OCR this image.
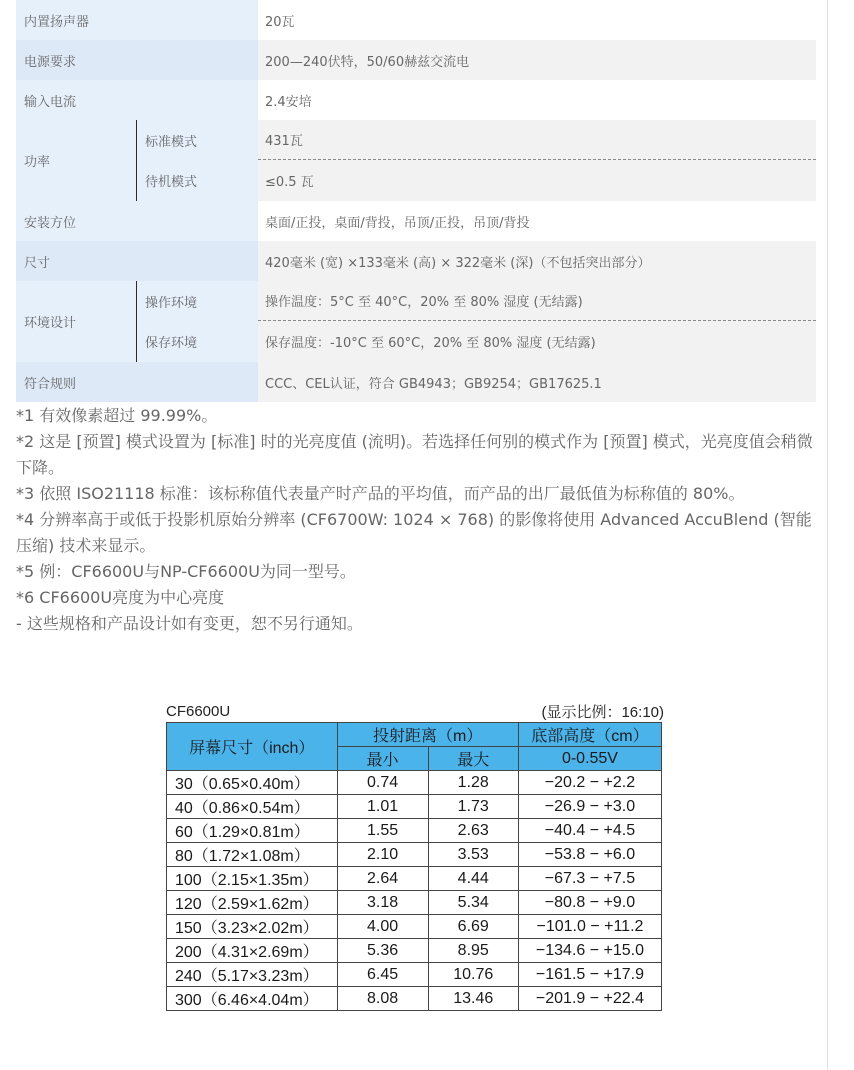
内置扬声器	20瓦
电源要求	200—240伏特，50/60赫兹交流电
输入电流	2.4安培
功率
标准模式	431瓦
待机模式	≤0.5 瓦
安装方位	桌面/正投，桌面/背投，吊顶/正投，吊顶/背投
尺寸	420毫米 (宽) ×133毫米 (高) × 322毫米 (深)（不包括突出部分）
环境设计
操作环境	操作温度：5°C 至 40°C，20% 至 80% 湿度 (无结露)
保存环境	保存温度：-10°C 至 60°C，20% 至 80% 湿度 (无结露)
符合规则	CCC、CEL认证，符合 GB4943；GB9254；GB17625.1
*1 有效像素超过 99.99%。
*2 这是 [预置] 模式设置为 [标准] 时的光亮度值 (流明)。若选择任何别的模式作为 [预置] 模式，光亮度值会稍微下降。
*3 依照 ISO21118 标准：该标称值代表量产时产品的平均值，而产品的出厂最低值为标称值的 80%。
*4 分辨率高于或低于投影机原始分辨率 (CF6700W: 1024 × 768) 的影像将使用 Advanced AccuBlend (智能压缩) 技术来显示。
*5 例：CF6600U与NP-CF6600U为同一型号。
*6 CF6600U亮度为中心亮度
- 这些规格和产品设计如有变更，恕不另行通知。
CF6600U	(显示比例：16:10)
屏幕尺寸（inch）	投射距离（m）		底部高度（cm）
	最小	最大	0-0.55V
30（0.65×0.40m）	0.74	1.28	−20.2 − +2.2
40（0.86×0.54m）	1.01	1.73	−26.9 − +3.0
60（1.29×0.81m）	1.55	2.63	−40.4 − +4.5
80（1.72×1.08m）	2.10	3.53	−53.8 − +6.0
100（2.15×1.35m）	2.64	4.44	−67.3 − +7.5
120（2.59×1.62m）	3.18	5.34	−80.8 − +9.0
150（3.23×2.02m）	4.00	6.69	−101.0 − +11.2
200（4.31×2.69m）	5.36	8.95	−134.6 − +15.0
240（5.17×3.23m）	6.45	10.76	−161.5 − +17.9
300（6.46×4.04m）	8.08	13.46	−201.9 − +22.4
